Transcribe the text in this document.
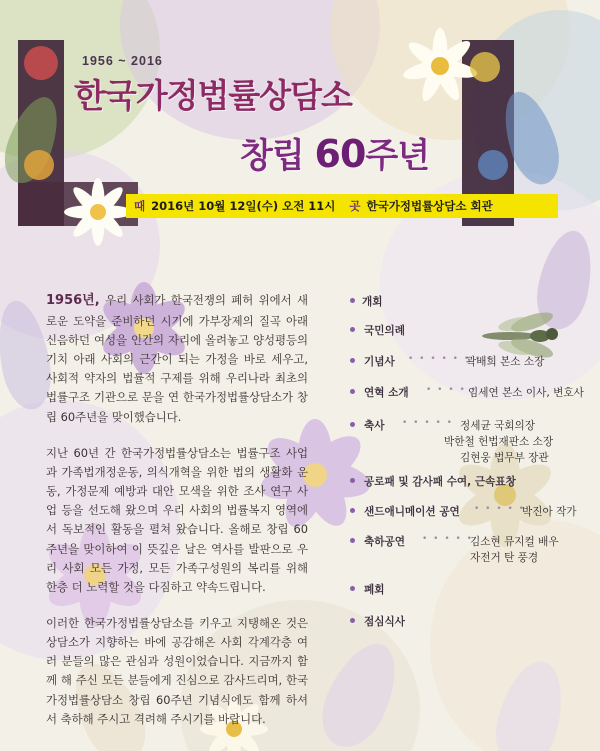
1956 ~ 2016
한국가정법률상담소
창립 60주년
때 2016년 10월 12일(수) 오전 11시 곳 한국가정법률상담소 회관

1956년, 우리 사회가 한국전쟁의 폐허 위에서 새로운 도약을 준비하던 시기에 가부장제의 질곡 아래 신음하던 여성을 인간의 자리에 올려놓고 양성평등의 기치 아래 사회의 근간이 되는 가정을 바로 세우고, 사회적 약자의 법률적 구제를 위해 우리나라 최초의 법률구조 기관으로 문을 연 한국가정법률상담소가 창립 60주년을 맞이했습니다.

지난 60년 간 한국가정법률상담소는 법률구조 사업과 가족법개정운동, 의식개혁을 위한 법의 생활화 운동, 가정문제 예방과 대안 모색을 위한 조사 연구 사업 등을 선도해 왔으며 우리 사회의 법률복지 영역에서 독보적인 활동을 펼쳐 왔습니다. 올해로 창립 60주년을 맞이하여 이 뜻깊은 날은 역사를 발판으로 우리 사회 모든 가정, 모든 가족구성원의 복리를 위해 한층 더 노력할 것을 다짐하고 약속드립니다.

이러한 한국가정법률상담소를 키우고 지탱해온 것은 상담소가 지향하는 바에 공감해온 사회 각계각층 여러 분들의 많은 관심과 성원이었습니다. 지금까지 함께 해 주신 모든 분들에게 진심으로 감사드리며, 한국가정법률상담소 창립 60주년 기념식에도 함께 하셔서 축하해 주시고 격려해 주시기를 바랍니다.

개회
국민의례
기념사 • • • • • • • •
곽배희 본소 소장
연혁 소개 • • • • •
임세연 본소 이사, 변호사
축사 • • • • • 정세균 국회의장
박한철 헌법재판소 소장
김현웅 법무부 장관
공로패 및 감사패 수여, 근속표창
샌드애니메이션 공연 • • • • •
박진아 작가
축하공연 • • • • •
김소현 뮤지컬 배우
자전거 탄 풍경
폐회
점심식사
